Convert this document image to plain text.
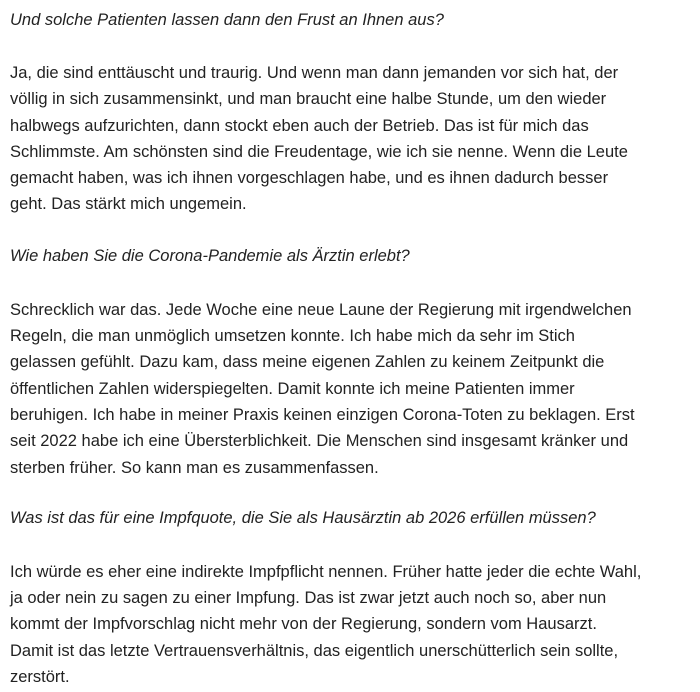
Und solche Patienten lassen dann den Frust an Ihnen aus?

Ja, die sind enttäuscht und traurig. Und wenn man dann jemanden vor sich hat, der
völlig in sich zusammensinkt, und man braucht eine halbe Stunde, um den wieder
halbwegs aufzurichten, dann stockt eben auch der Betrieb. Das ist für mich das
Schlimmste. Am schönsten sind die Freudentage, wie ich sie nenne. Wenn die Leute
gemacht haben, was ich ihnen vorgeschlagen habe, und es ihnen dadurch besser
geht. Das stärkt mich ungemein.

Wie haben Sie die Corona-Pandemie als Ärztin erlebt?

Schrecklich war das. Jede Woche eine neue Laune der Regierung mit irgendwelchen
Regeln, die man unmöglich umsetzen konnte. Ich habe mich da sehr im Stich
gelassen gefühlt. Dazu kam, dass meine eigenen Zahlen zu keinem Zeitpunkt die
öffentlichen Zahlen widerspiegelten. Damit konnte ich meine Patienten immer
beruhigen. Ich habe in meiner Praxis keinen einzigen Corona-Toten zu beklagen. Erst
seit 2022 habe ich eine Übersterblichkeit. Die Menschen sind insgesamt kränker und
sterben früher. So kann man es zusammenfassen.

Was ist das für eine Impfquote, die Sie als Hausärztin ab 2026 erfüllen müssen?

Ich würde es eher eine indirekte Impfpflicht nennen. Früher hatte jeder die echte Wahl,
ja oder nein zu sagen zu einer Impfung. Das ist zwar jetzt auch noch so, aber nun
kommt der Impfvorschlag nicht mehr von der Regierung, sondern vom Hausarzt.
Damit ist das letzte Vertrauensverhältnis, das eigentlich unerschütterlich sein sollte,
zerstört.
